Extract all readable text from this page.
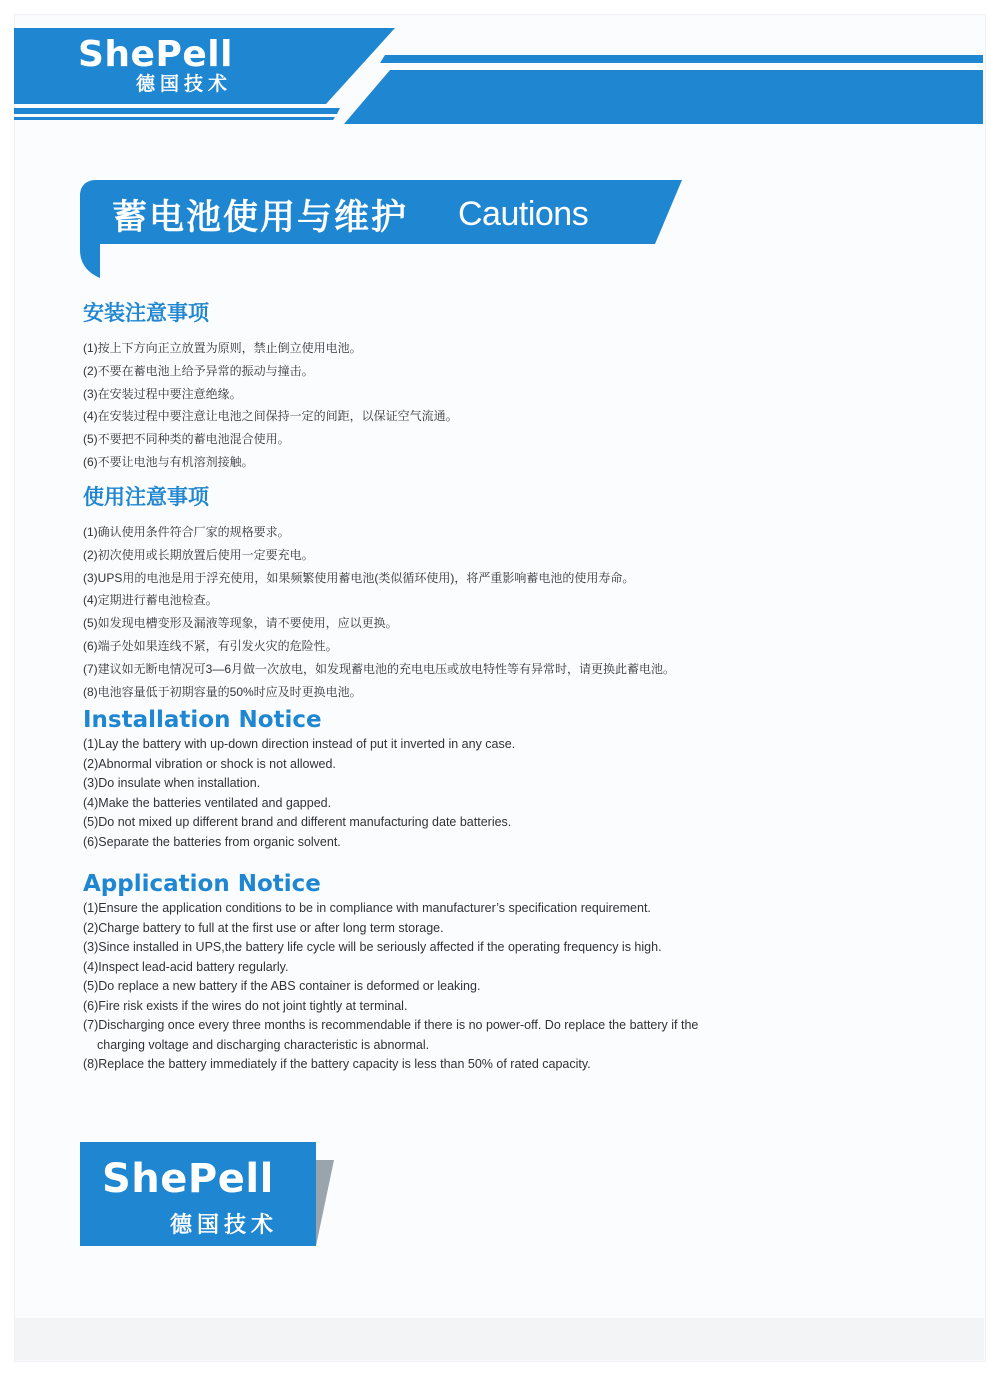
ShePell
德国技术
蓄电池使用与维护 Cautions
安装注意事项
(1)按上下方向正立放置为原则，禁止倒立使用电池。
(2)不要在蓄电池上给予异常的振动与撞击。
(3)在安装过程中要注意绝缘。
(4)在安装过程中要注意让电池之间保持一定的间距，以保证空气流通。
(5)不要把不同种类的蓄电池混合使用。
(6)不要让电池与有机溶剂接触。
使用注意事项
(1)确认使用条件符合厂家的规格要求。
(2)初次使用或长期放置后使用一定要充电。
(3)UPS用的电池是用于浮充使用，如果频繁使用蓄电池(类似循环使用)，将严重影响蓄电池的使用寿命。
(4)定期进行蓄电池检查。
(5)如发现电槽变形及漏液等现象，请不要使用，应以更换。
(6)端子处如果连线不紧，有引发火灾的危险性。
(7)建议如无断电情况可3—6月做一次放电，如发现蓄电池的充电电压或放电特性等有异常时，请更换此蓄电池。
(8)电池容量低于初期容量的50%时应及时更换电池。
Installation Notice
(1)Lay the battery with up-down direction instead of put it inverted in any case.
(2)Abnormal vibration or shock is not allowed.
(3)Do insulate when installation.
(4)Make the batteries ventilated and gapped.
(5)Do not mixed up different brand and different manufacturing date batteries.
(6)Separate the batteries from organic solvent.
Application Notice
(1)Ensure the application conditions to be in compliance with manufacturer’s specification requirement.
(2)Charge battery to full at the first use or after long term storage.
(3)Since installed in UPS,the battery life cycle will be seriously affected if the operating frequency is high.
(4)Inspect lead-acid battery regularly.
(5)Do replace a new battery if the ABS container is deformed or leaking.
(6)Fire risk exists if the wires do not joint tightly at terminal.
(7)Discharging once every three months is recommendable if there is no power-off. Do replace the battery if the charging voltage and discharging characteristic is abnormal.
(8)Replace the battery immediately if the battery capacity is less than 50% of rated capacity.
ShePell
德国技术
